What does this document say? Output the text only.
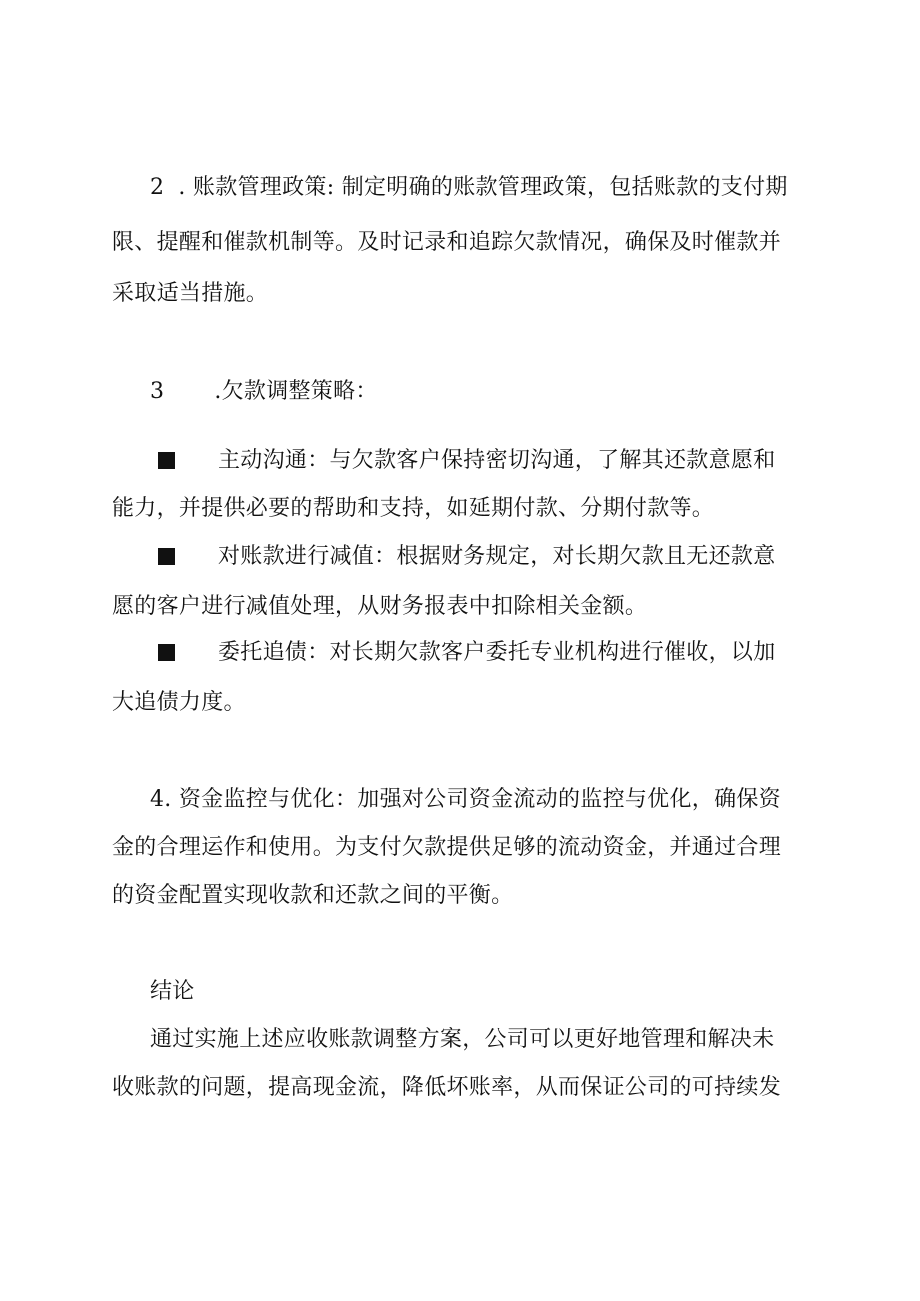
2 . 账款管理政策: 制定明确的账款管理政策，包括账款的支付期
限、提醒和催款机制等。及时记录和追踪欠款情况，确保及时催款并
采取适当措施。
3 .欠款调整策略：
主动沟通：与欠款客户保持密切沟通，了解其还款意愿和
能力，并提供必要的帮助和支持，如延期付款、分期付款等。
对账款进行减值：根据财务规定，对长期欠款且无还款意
愿的客户进行减值处理，从财务报表中扣除相关金额。
委托追债：对长期欠款客户委托专业机构进行催收，以加
大追债力度。
4. 资金监控与优化：加强对公司资金流动的监控与优化，确保资
金的合理运作和使用。为支付欠款提供足够的流动资金，并通过合理
的资金配置实现收款和还款之间的平衡。
结论
通过实施上述应收账款调整方案，公司可以更好地管理和解决未
收账款的问题，提高现金流，降低坏账率，从而保证公司的可持续发
